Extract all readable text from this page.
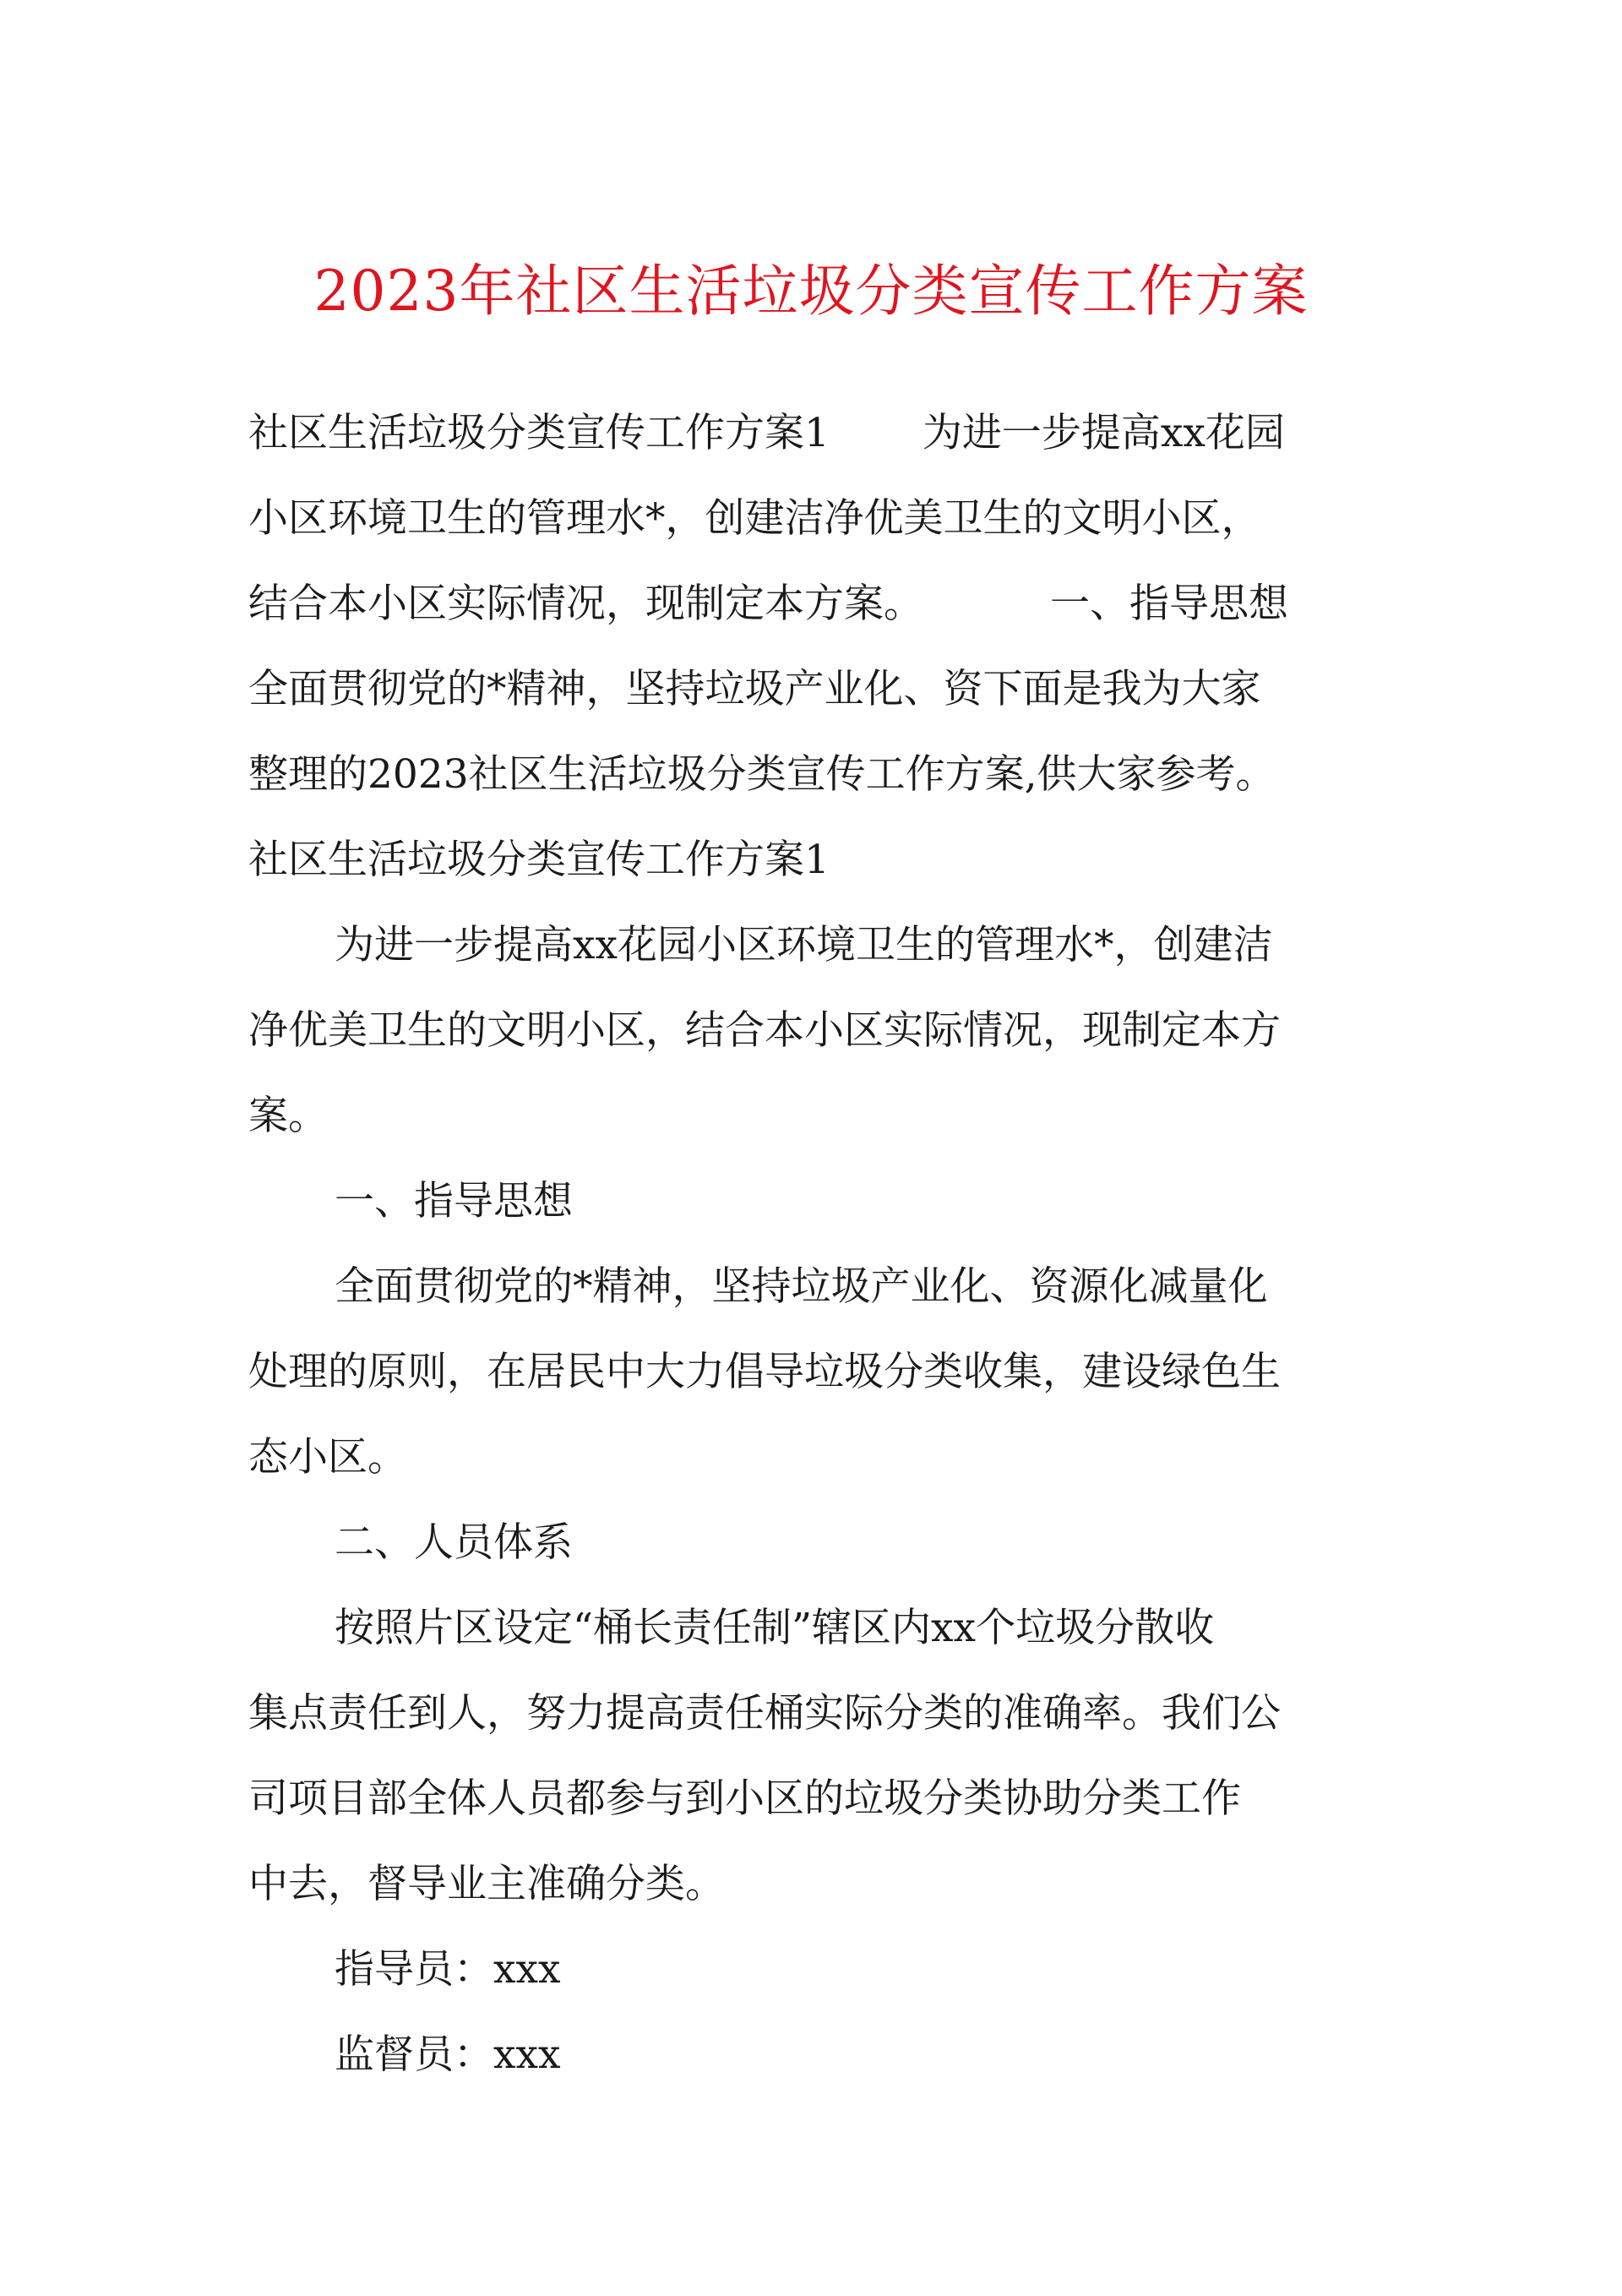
2023年社区生活垃圾分类宣传工作方案
社区生活垃圾分类宣传工作方案1 为进一步提高xx花园
小区环境卫生的管理水*，创建洁净优美卫生的文明小区，
结合本小区实际情况，现制定本方案。	一、指导思想
全面贯彻党的*精神，坚持垃圾产业化、资下面是我为大家
整理的2023社区生活垃圾分类宣传工作方案,供大家参考。
社区生活垃圾分类宣传工作方案1
为进一步提高xx花园小区环境卫生的管理水*，创建洁
净优美卫生的文明小区，结合本小区实际情况，现制定本方
案。
一、指导思想
全面贯彻党的*精神，坚持垃圾产业化、资源化减量化
处理的原则，在居民中大力倡导垃圾分类收集，建设绿色生
态小区。
二、人员体系
按照片区设定“桶长责任制”辖区内xx个垃圾分散收
集点责任到人，努力提高责任桶实际分类的准确率。我们公
司项目部全体人员都参与到小区的垃圾分类协助分类工作
中去，督导业主准确分类。
指导员：xxx
监督员：xxx
